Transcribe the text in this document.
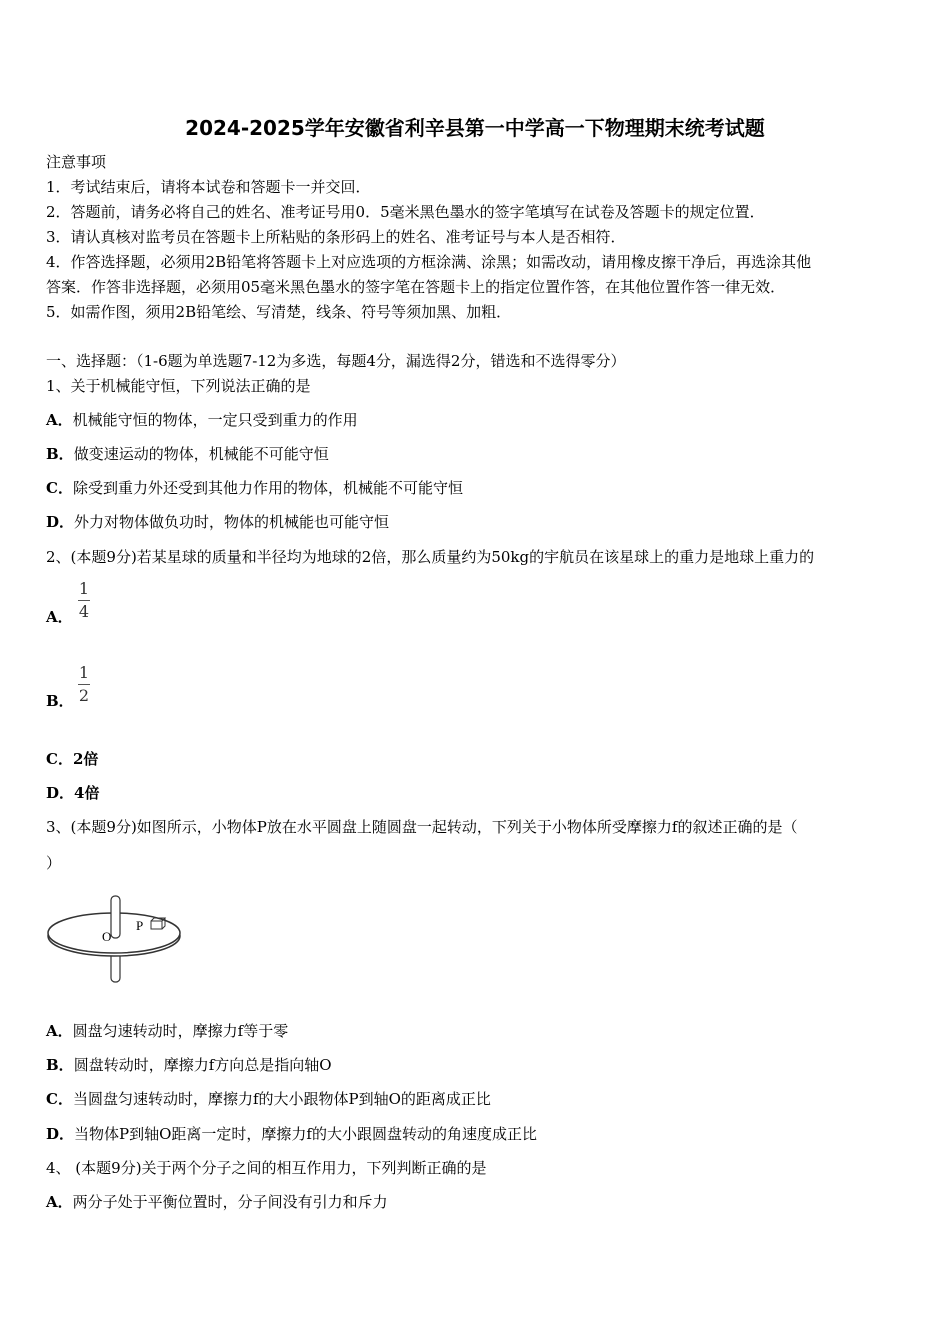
2024-2025学年安徽省利辛县第一中学高一下物理期末统考试题
注意事项
1．考试结束后，请将本试卷和答题卡一并交回．
2．答题前，请务必将自己的姓名、准考证号用0．5毫米黑色墨水的签字笔填写在试卷及答题卡的规定位置．
3．请认真核对监考员在答题卡上所粘贴的条形码上的姓名、准考证号与本人是否相符．
4．作答选择题，必须用2B铅笔将答题卡上对应选项的方框涂满、涂黑；如需改动，请用橡皮擦干净后，再选涂其他
答案．作答非选择题，必须用05毫米黑色墨水的签字笔在答题卡上的指定位置作答，在其他位置作答一律无效．
5．如需作图，须用2B铅笔绘、写清楚，线条、符号等须加黑、加粗．
一、选择题：（1-6题为单选题7-12为多选，每题4分，漏选得2分，错选和不选得零分）
1、关于机械能守恒，下列说法正确的是
A．机械能守恒的物体，一定只受到重力的作用
B．做变速运动的物体，机械能不可能守恒
C．除受到重力外还受到其他力作用的物体，机械能不可能守恒
D．外力对物体做负功时，物体的机械能也可能守恒
2、(本题9分)若某星球的质量和半径均为地球的2倍，那么质量约为50kg的宇航员在该星球上的重力是地球上重力的
A．
1
4
B．
1
2
C．2倍
D．4倍
3、(本题9分)如图所示，小物体P放在水平圆盘上随圆盘一起转动，下列关于小物体所受摩擦力f的叙述正确的是（
）
O
P
A．圆盘匀速转动时，摩擦力f等于零
B．圆盘转动时，摩擦力f方向总是指向轴O
C．当圆盘匀速转动时，摩擦力f的大小跟物体P到轴O的距离成正比
D．当物体P到轴O距离一定时，摩擦力f的大小跟圆盘转动的角速度成正比
4、 (本题9分)关于两个分子之间的相互作用力，下列判断正确的是
A．两分子处于平衡位置时，分子间没有引力和斥力
